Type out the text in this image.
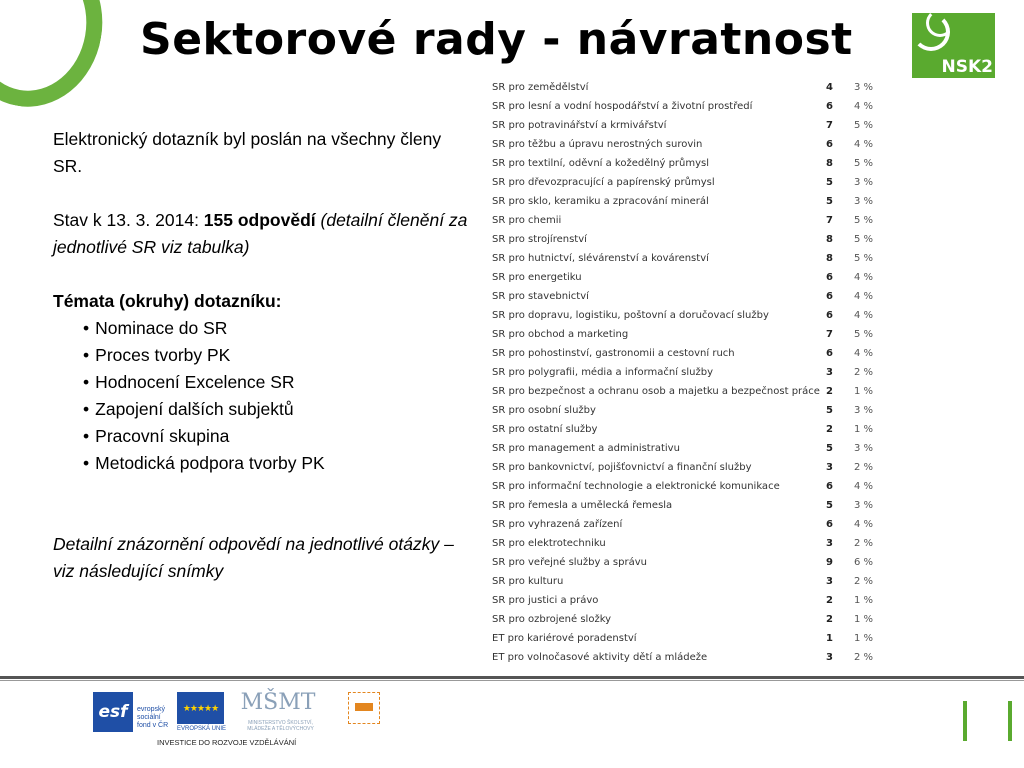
Sektorové rady - návratnost
NSK2

Elektronický dotazník byl poslán na všechny členy SR.

Stav k 13. 3. 2014: 155 odpovědí (detailní členění za jednotlivé SR viz tabulka)

Témata (okruhy) dotazníku:

• Nominace do SR
• Proces tvorby PK
• Hodnocení Excelence SR
• Zapojení dalších subjektů
• Pracovní skupina
• Metodická podpora tvorby PK

Detailní znázornění odpovědí na jednotlivé otázky – viz následující snímky

SR pro zemědělství	4	3 %
SR pro lesní a vodní hospodářství a životní prostředí	6	4 %
SR pro potravinářství a krmivářství	7	5 %
SR pro těžbu a úpravu nerostných surovin	6	4 %
SR pro textilní, oděvní a kožedělný průmysl	8	5 %
SR pro dřevozpracující a papírenský průmysl	5	3 %
SR pro sklo, keramiku a zpracování minerál	5	3 %
SR pro chemii	7	5 %
SR pro strojírenství	8	5 %
SR pro hutnictví, slévárenství a kovárenství	8	5 %
SR pro energetiku	6	4 %
SR pro stavebnictví	6	4 %
SR pro dopravu, logistiku, poštovní a doručovací služby	6	4 %
SR pro obchod a marketing	7	5 %
SR pro pohostinství, gastronomii a cestovní ruch	6	4 %
SR pro polygrafii, média a informační služby	3	2 %
SR pro bezpečnost a ochranu osob a majetku a bezpečnost práce	2	1 %
SR pro osobní služby	5	3 %
SR pro ostatní služby	2	1 %
SR pro management a administrativu	5	3 %
SR pro bankovnictví, pojišťovnictví a finanční služby	3	2 %
SR pro informační technologie a elektronické komunikace	6	4 %
SR pro řemesla a umělecká řemesla	5	3 %
SR pro vyhrazená zařízení	6	4 %
SR pro elektrotechniku	3	2 %
SR pro veřejné služby a správu	9	6 %
SR pro kulturu	3	2 %
SR pro justici a právo	2	1 %
SR pro ozbrojené složky	2	1 %
ET pro kariérové poradenství	1	1 %
ET pro volnočasové aktivity dětí a mládeže	3	2 %
esf	evropský
sociální
fond v ČR
★★★★★
EVROPSKÁ UNIE
MŠMT
MINISTERSTVO ŠKOLSTVÍ, MLÁDEŽE A TĚLOVÝCHOVY
INVESTICE DO ROZVOJE VZDĚLÁVÁNÍ
